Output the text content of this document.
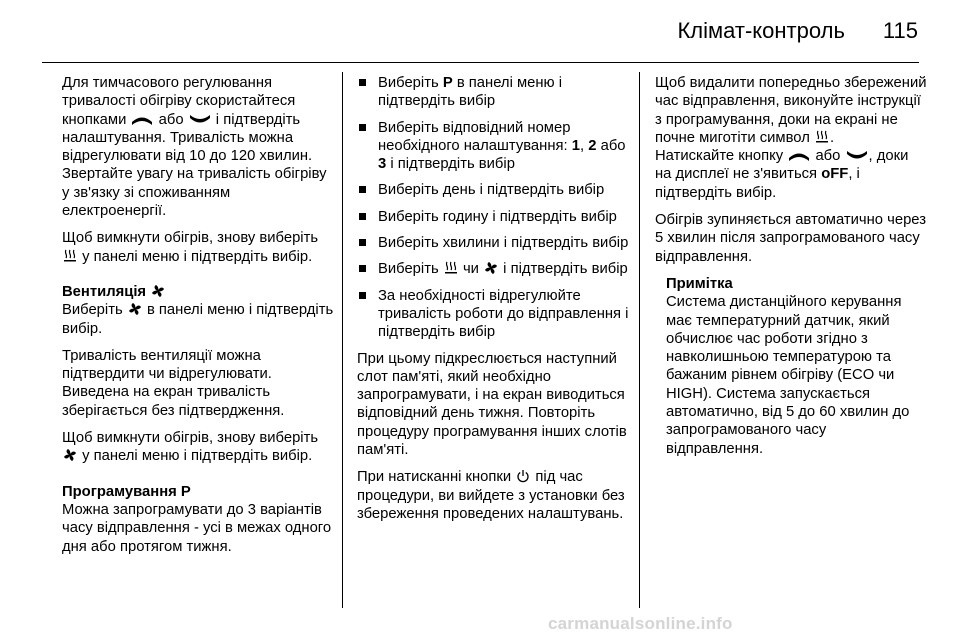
Клімат-контроль 115

Для тимчасового регулювання тривалості обігріву скористайтеся кнопками або і підтвердіть налаштування. Тривалість можна відрегулювати від 10 до 120 хвилин. Звертайте увагу на тривалість обігріву у зв'язку зі споживанням електроенергії.

Щоб вимкнути обігрів, знову виберіть  у панелі меню і підтвердіть вибір.

Вентиляція

Виберіть в панелі меню і підтвердіть вибір.

Тривалість вентиляції можна підтвердити чи відрегулювати. Виведена на екран тривалість зберігається без підтвердження.

Щоб вимкнути обігрів, знову виберіть  у панелі меню і підтвердіть вибір.

Програмування P

Можна запрограмувати до 3 варіантів часу відправлення - усі в межах одного дня або протягом тижня.

Виберіть P в панелі меню і підтвердіть вибір
Виберіть відповідний номер необхідного налаштування: 1, 2 або 3 і підтвердіть вибір
Виберіть день і підтвердіть вибір
Виберіть годину і підтвердіть вибір
Виберіть хвилини і підтвердіть вибір
Виберіть чи і підтвердіть вибір
За необхідності відрегулюйте тривалість роботи до відправлення і підтвердіть вибір

При цьому підкреслюється наступний слот пам'яті, який необхідно запрограмувати, і на екран виводиться відповідний день тижня. Повторіть процедуру програмування інших слотів пам'яті.

При натисканні кнопки під час процедури, ви вийдете з установки без збереження проведених налаштувань.

Щоб видалити попередньо збережений час відправлення, виконуйте інструкції з програмування, доки на екрані не почне миготіти символ .
Натискайте кнопку або , доки на дисплеї не з'явиться oFF, і підтвердіть вибір.

Обігрів зупиняється автоматично через 5 хвилин після запрограмованого часу відправлення.

Примітка

Система дистанційного керування має температурний датчик, який обчислює час роботи згідно з навколишньою температурою та бажаним рівнем обігріву (ECO чи HIGH). Система запускається автоматично, від 5 до 60 хвилин до запрограмованого часу відправлення.

carmanualsonline.info
